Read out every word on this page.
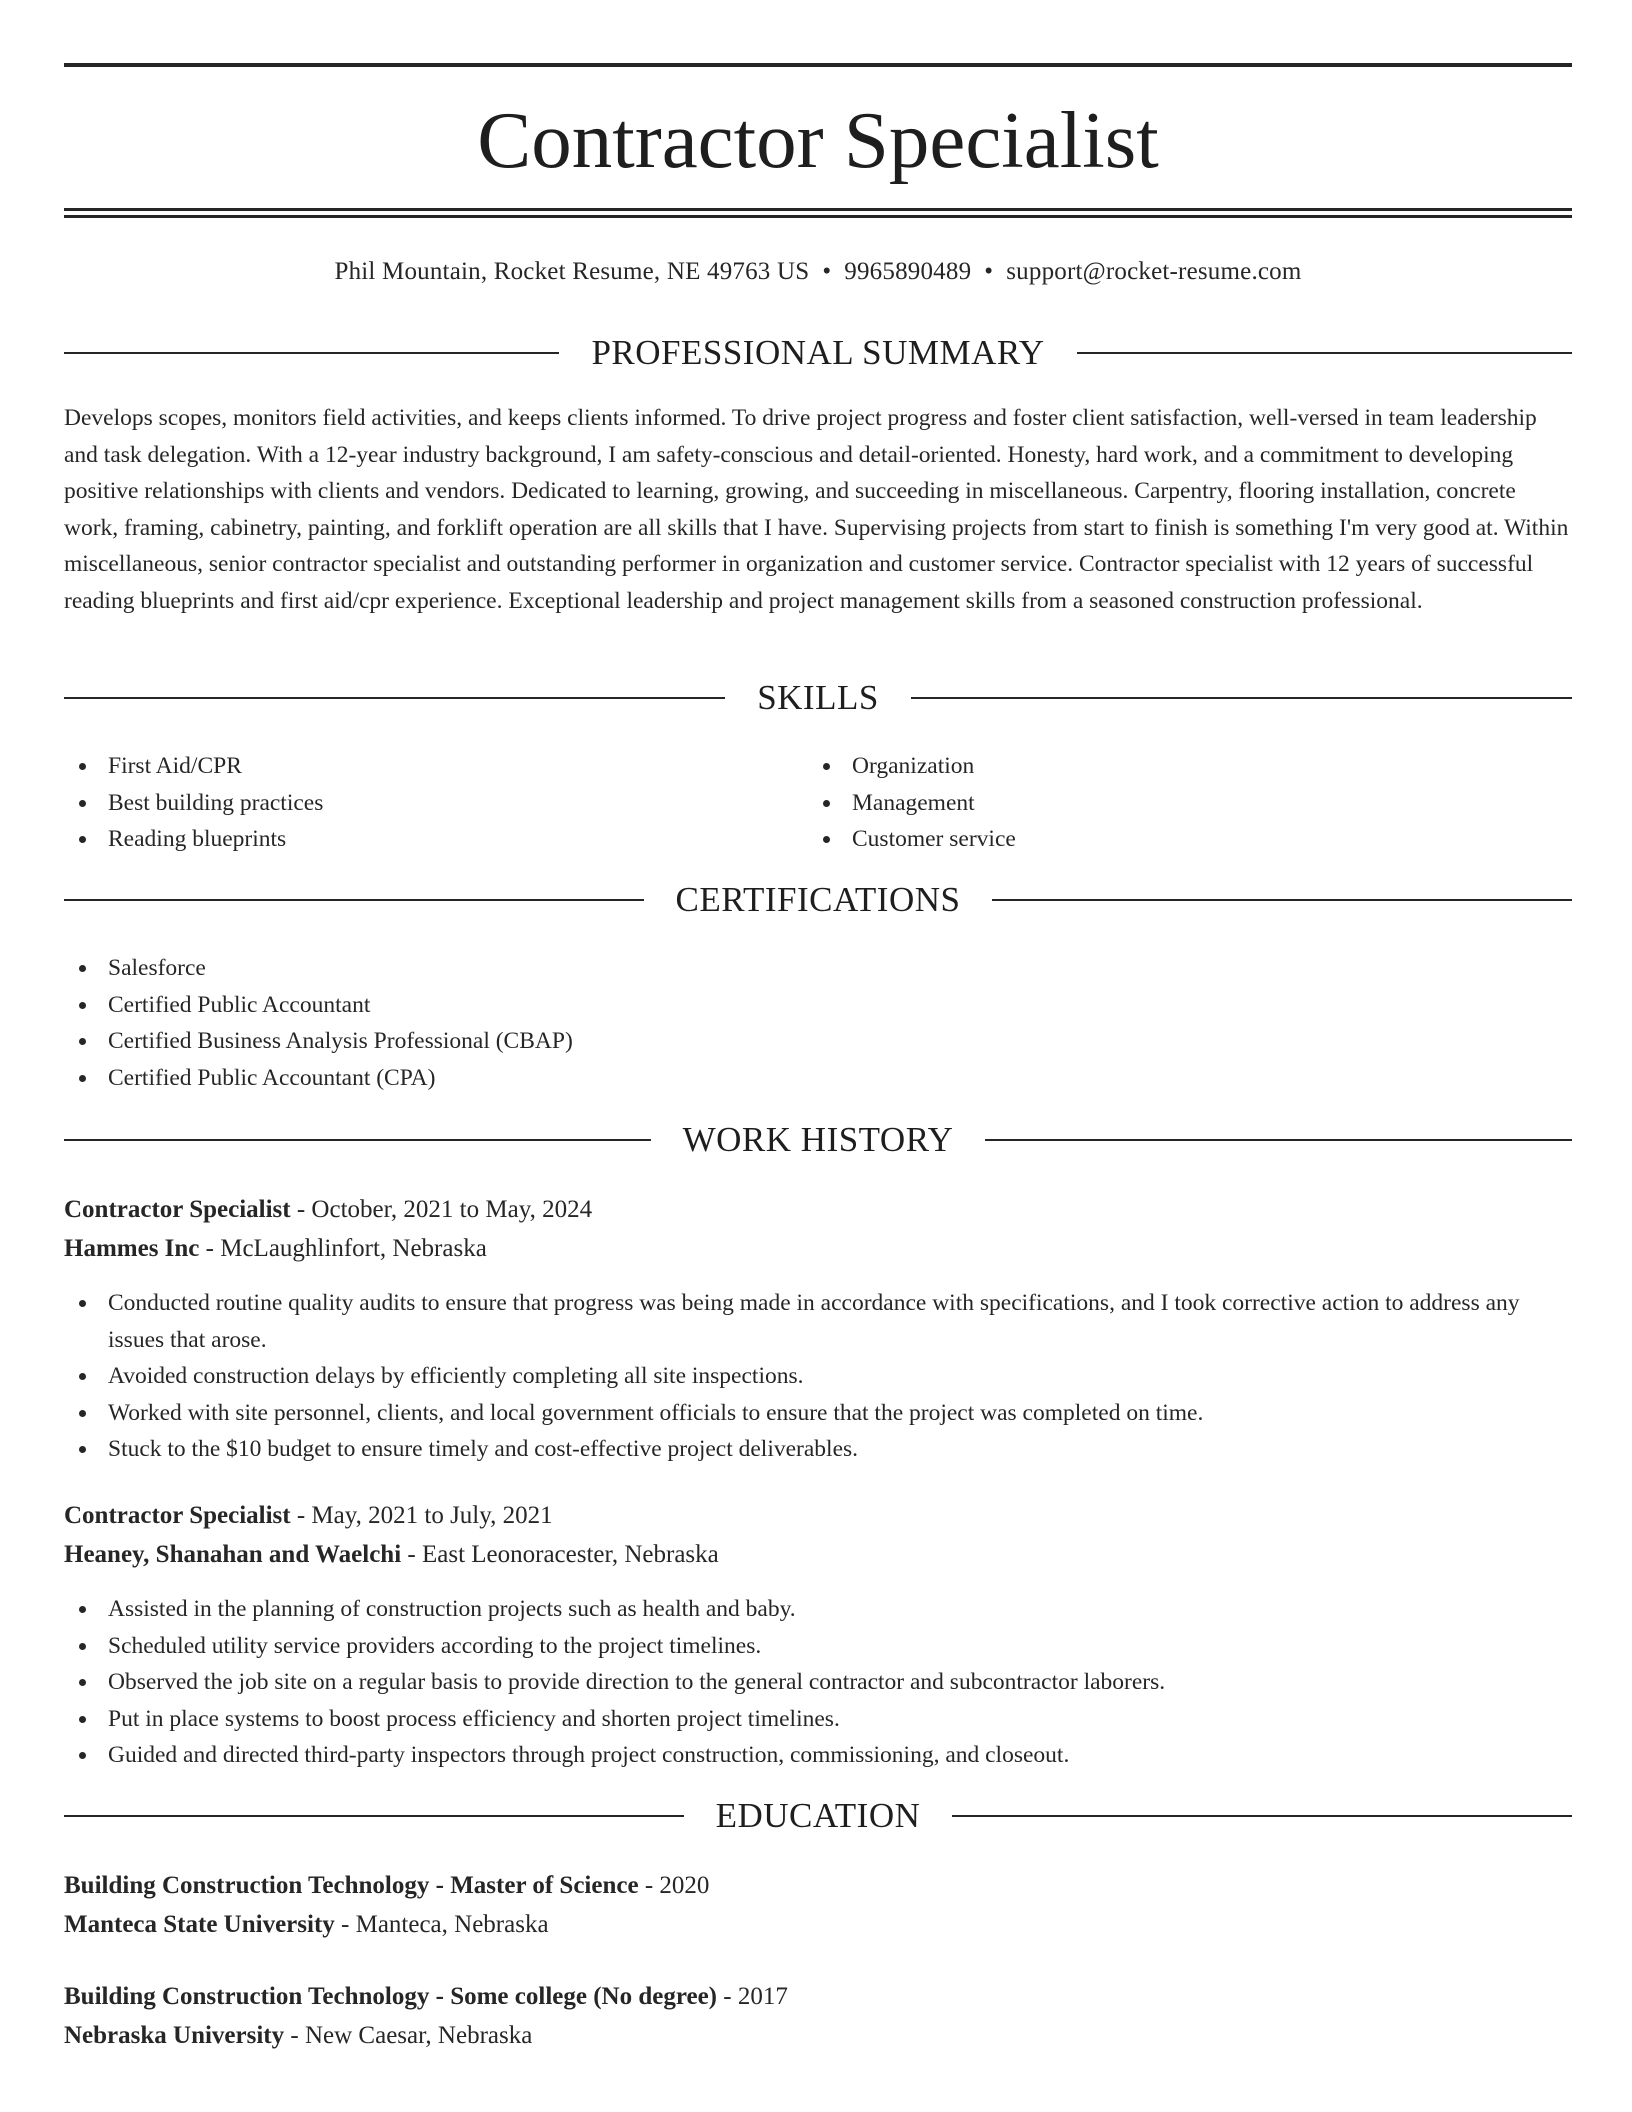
Contractor Specialist
Phil Mountain, Rocket Resume, NE 49763 US • 9965890489 • support@rocket-resume.com
PROFESSIONAL SUMMARY

Develops scopes, monitors field activities, and keeps clients informed. To drive project progress and foster client satisfaction, well-versed in team leadership and task delegation. With a 12-year industry background, I am safety-conscious and detail-oriented. Honesty, hard work, and a commitment to developing positive relationships with clients and vendors. Dedicated to learning, growing, and succeeding in miscellaneous. Carpentry, flooring installation, concrete work, framing, cabinetry, painting, and forklift operation are all skills that I have. Supervising projects from start to finish is something I'm very good at. Within miscellaneous, senior contractor specialist and outstanding performer in organization and customer service. Contractor specialist with 12 years of successful reading blueprints and first aid/cpr experience. Exceptional leadership and project management skills from a seasoned construction professional.

SKILLS
First Aid/CPR
Best building practices
Reading blueprints
Organization
Management
Customer service
CERTIFICATIONS
Salesforce
Certified Public Accountant
Certified Business Analysis Professional (CBAP)
Certified Public Accountant (CPA)
WORK HISTORY
Contractor Specialist - October, 2021 to May, 2024
Hammes Inc - McLaughlinfort, Nebraska
Conducted routine quality audits to ensure that progress was being made in accordance with specifications, and I took corrective action to address any issues that arose.
Avoided construction delays by efficiently completing all site inspections.
Worked with site personnel, clients, and local government officials to ensure that the project was completed on time.
Stuck to the $10 budget to ensure timely and cost-effective project deliverables.
Contractor Specialist - May, 2021 to July, 2021
Heaney, Shanahan and Waelchi - East Leonoracester, Nebraska
Assisted in the planning of construction projects such as health and baby.
Scheduled utility service providers according to the project timelines.
Observed the job site on a regular basis to provide direction to the general contractor and subcontractor laborers.
Put in place systems to boost process efficiency and shorten project timelines.
Guided and directed third-party inspectors through project construction, commissioning, and closeout.
EDUCATION
Building Construction Technology - Master of Science - 2020
Manteca State University - Manteca, Nebraska
Building Construction Technology - Some college (No degree) - 2017
Nebraska University - New Caesar, Nebraska
